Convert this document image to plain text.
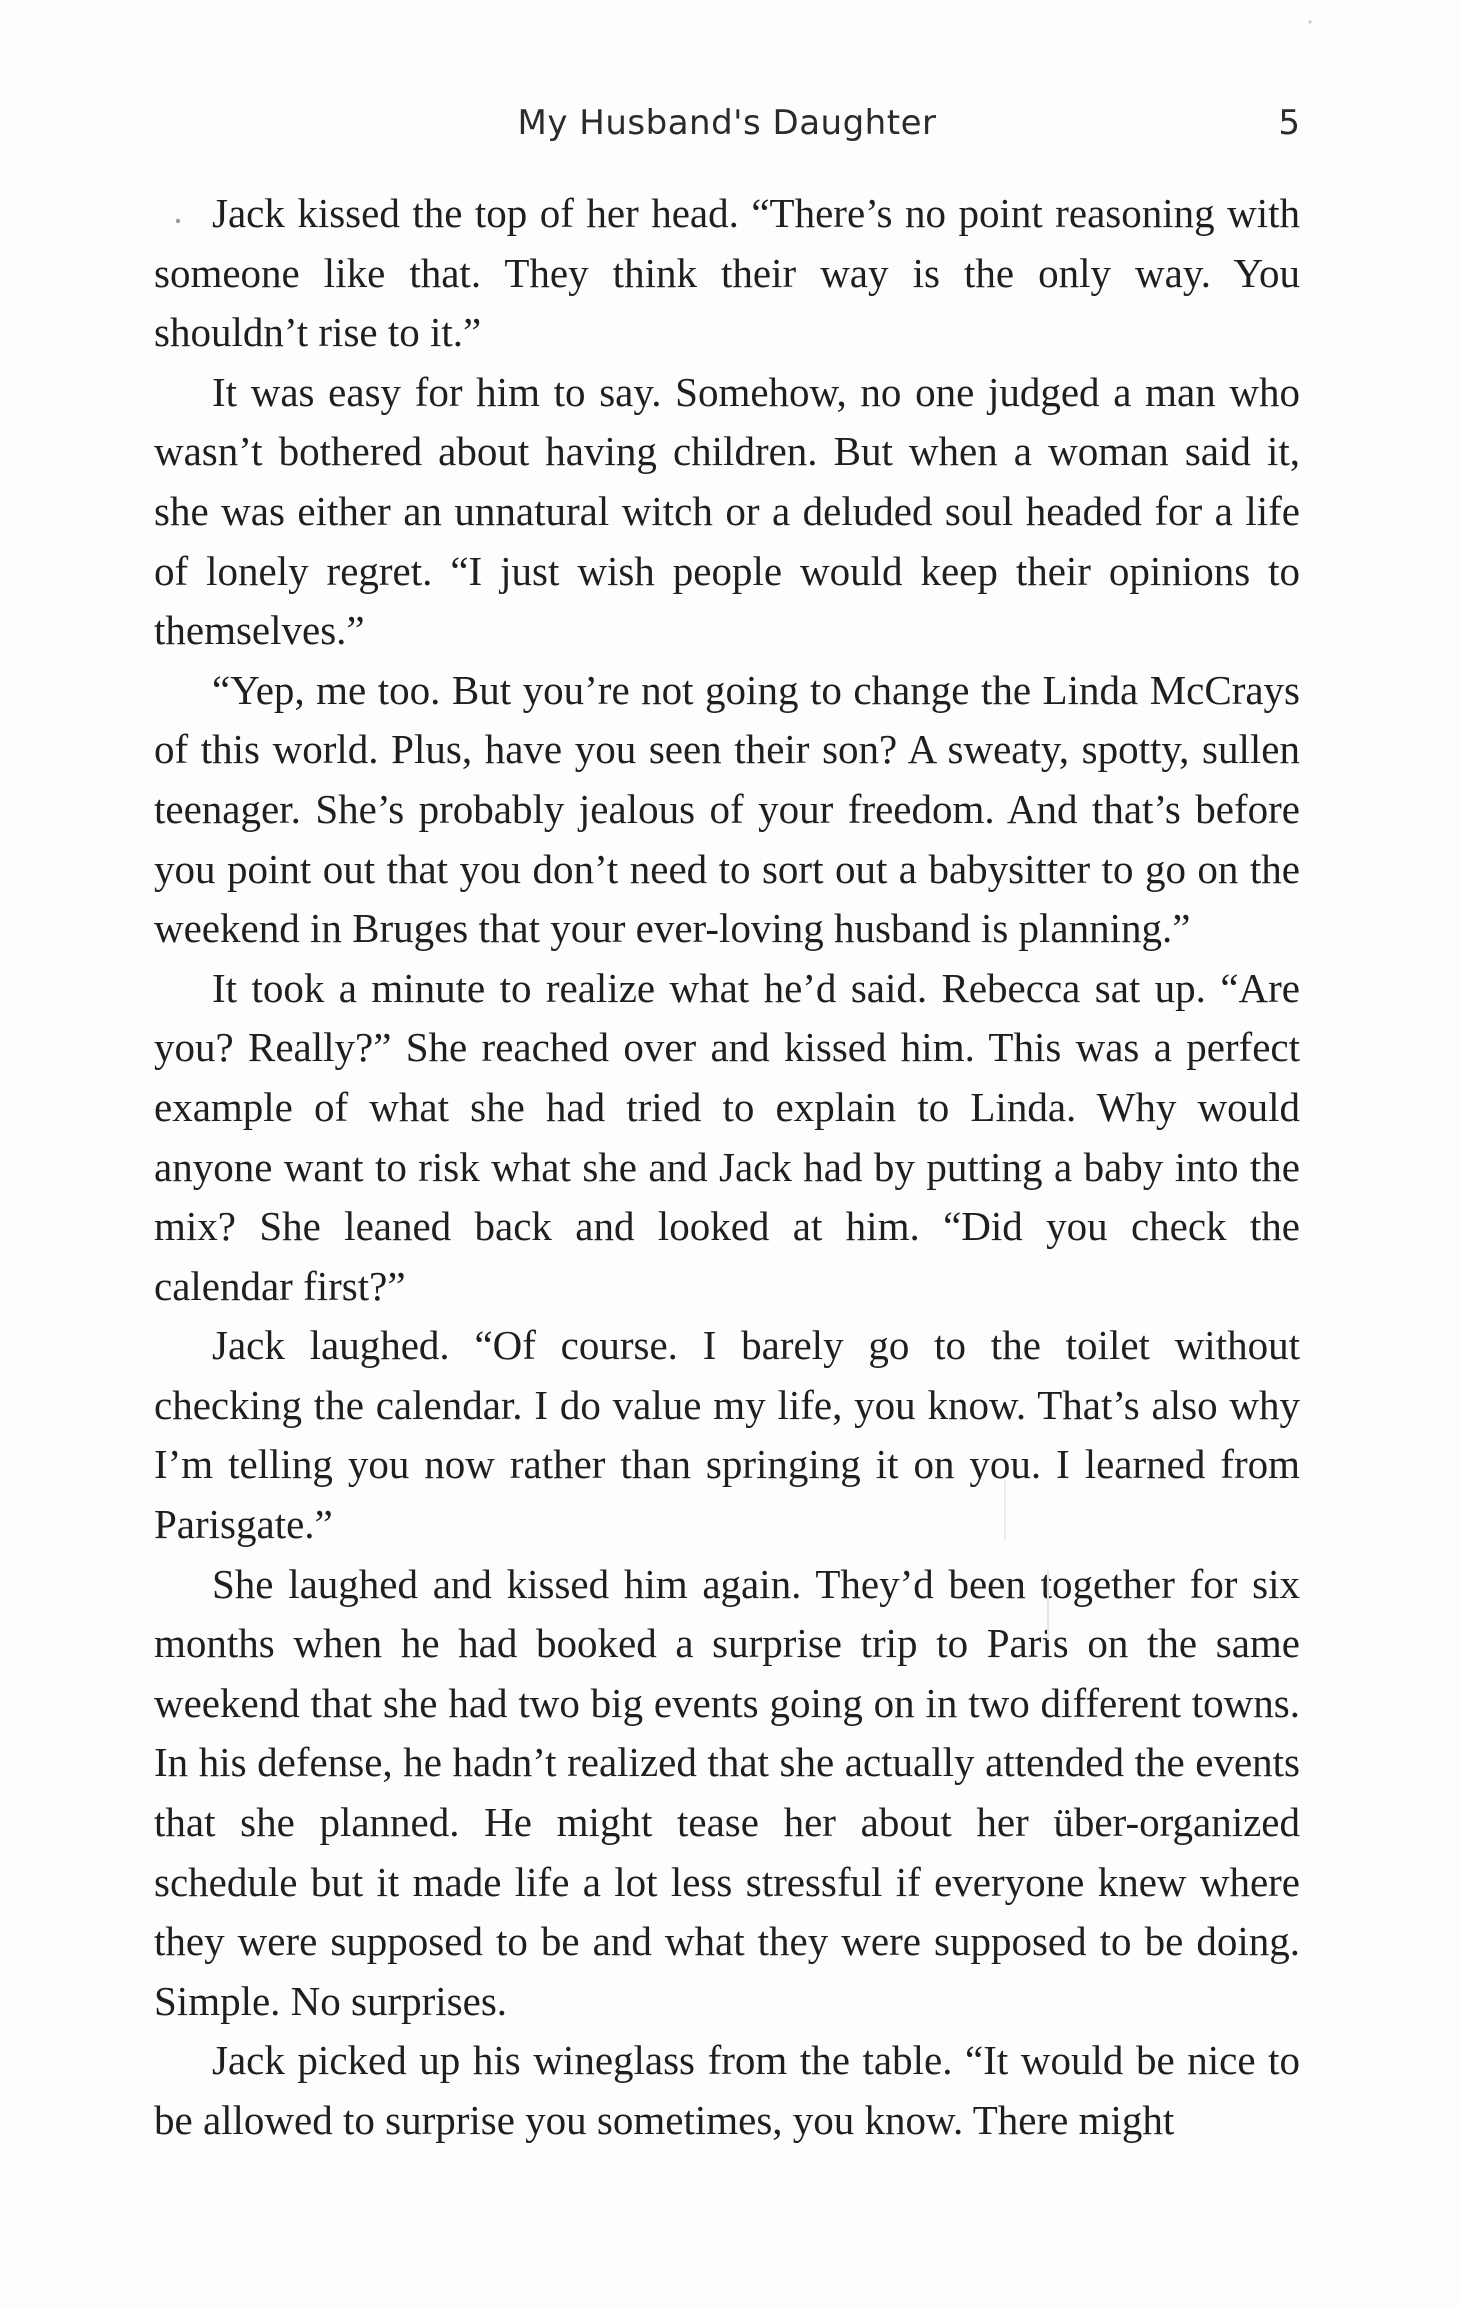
My Husband's Daughter	5

Jack kissed the top of her head. “There’s no point reasoning with someone like that. They think their way is the only way. You shouldn’t rise to it.”

It was easy for him to say. Somehow, no one judged a man who wasn’t bothered about having children. But when a woman said it, she was either an unnatural witch or a deluded soul headed for a life of lonely regret. “I just wish people would keep their opinions to themselves.”

“Yep, me too. But you’re not going to change the Linda McCrays of this world. Plus, have you seen their son? A sweaty, spotty, sullen teenager. She’s probably jealous of your freedom. And that’s before you point out that you don’t need to sort out a babysitter to go on the weekend in Bruges that your ever-loving husband is planning.”

It took a minute to realize what he’d said. Rebecca sat up. “Are you? Really?” She reached over and kissed him. This was a perfect example of what she had tried to explain to Linda. Why would anyone want to risk what she and Jack had by putting a baby into the mix? She leaned back and looked at him. “Did you check the calendar first?”

Jack laughed. “Of course. I barely go to the toilet without checking the calendar. I do value my life, you know. That’s also why I’m telling you now rather than springing it on you. I learned from Parisgate.”

She laughed and kissed him again. They’d been together for six months when he had booked a surprise trip to Paris on the same weekend that she had two big events going on in two different towns. In his defense, he hadn’t realized that she actually attended the events that she planned. He might tease her about her über-organized schedule but it made life a lot less stressful if everyone knew where they were supposed to be and what they were supposed to be doing. Simple. No surprises.

Jack picked up his wineglass from the table. “It would be nice to be allowed to surprise you sometimes, you know. There might
